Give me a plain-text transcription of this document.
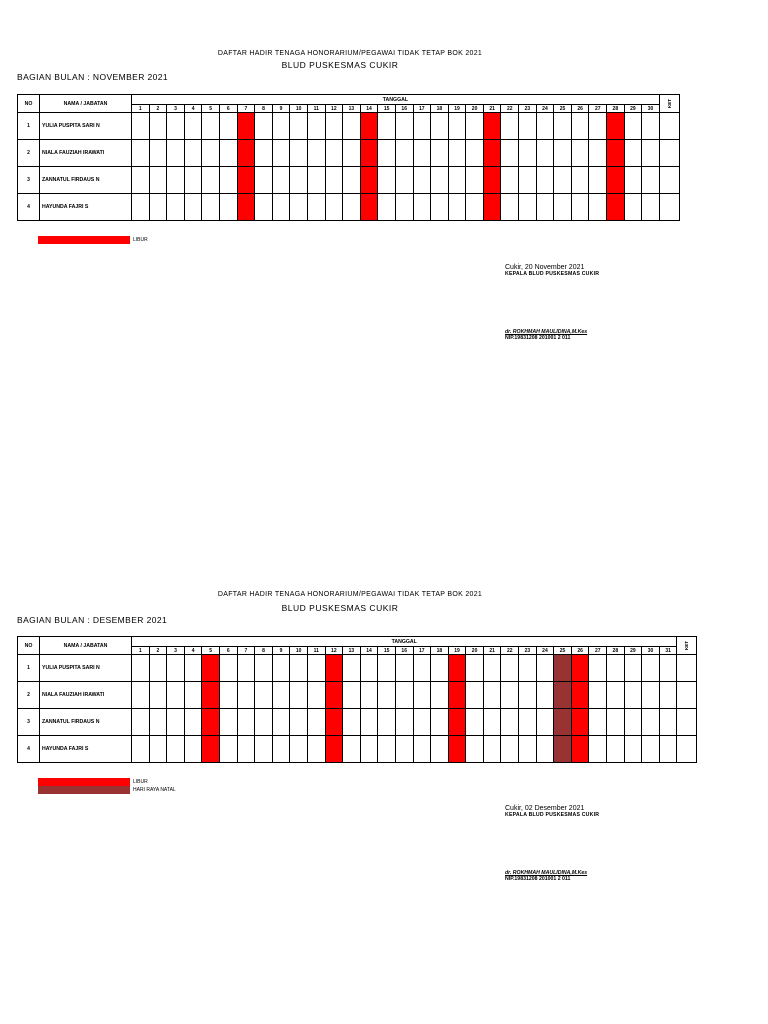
DAFTAR HADIR TENAGA HONORARIUM/PEGAWAI TIDAK TETAP BOK 2021
BLUD PUSKESMAS CUKIR
BAGIAN BULAN : NOVEMBER 2021
NO	NAMA / JABATAN	TANGGAL																														KET
		1	2	3	4	5	6	7	8	9	10	11	12	13	14	15	16	17	18	19	20	21	22	23	24	25	26	27	28	29	30	
1	YULIA PUSPITA SARI N																															
2	NIALA FAUZIAH IRAWATI																															
3	ZANNATUL FIRDAUS N																															
4	HAYUNDA FAJRI S																															
LIBUR
Cukir, 20 November 2021
KEPALA BLUD PUSKESMAS CUKIR
dr. ROKHMAH MAULIDINA,M.Kes
NIP.19831208 201001 2 011
DAFTAR HADIR TENAGA HONORARIUM/PEGAWAI TIDAK TETAP BOK 2021
BLUD PUSKESMAS CUKIR
BAGIAN BULAN : DESEMBER 2021
NO	NAMA / JABATAN	TANGGAL																															KET
		1	2	3	4	5	6	7	8	9	10	11	12	13	14	15	16	17	18	19	20	21	22	23	24	25	26	27	28	29	30	31	
1	YULIA PUSPITA SARI N																																
2	NIALA FAUZIAH IRAWATI																																
3	ZANNATUL FIRDAUS N																																
4	HAYUNDA FAJRI S																																
LIBUR
HARI RAYA NATAL
Cukir, 02 Desember 2021
KEPALA BLUD PUSKESMAS CUKIR
dr. ROKHMAH MAULIDINA,M.Kes
NIP.19831208 201001 2 011
